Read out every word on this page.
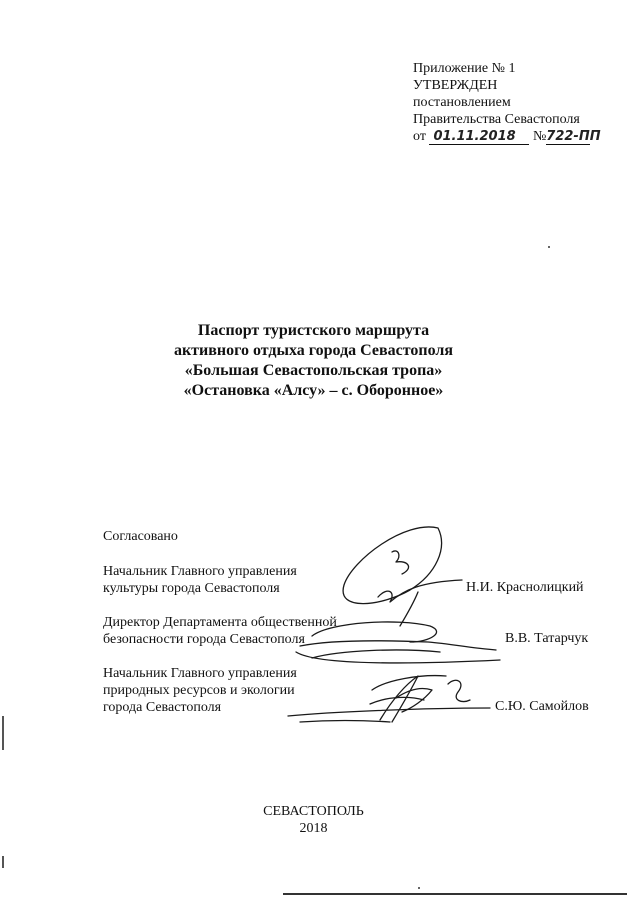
Приложение № 1
УТВЕРЖДЕН
постановлением
Правительства Севастополя
от 01.11.2018 №722-ПП
Паспорт туристского маршрута
активного отдыха города Севастополя
«Большая Севастопольская тропа»
«Остановка «Алсу» – с. Оборонное»
Согласовано
Начальник Главного управления
культуры города Севастополя	Н.И. Краснолицкий
Директор Департамента общественной
безопасности города Севастополя	В.В. Татарчук
Начальник Главного управления
природных ресурсов и экологии
города Севастополя	С.Ю. Самойлов
СЕВАСТОПОЛЬ
2018
